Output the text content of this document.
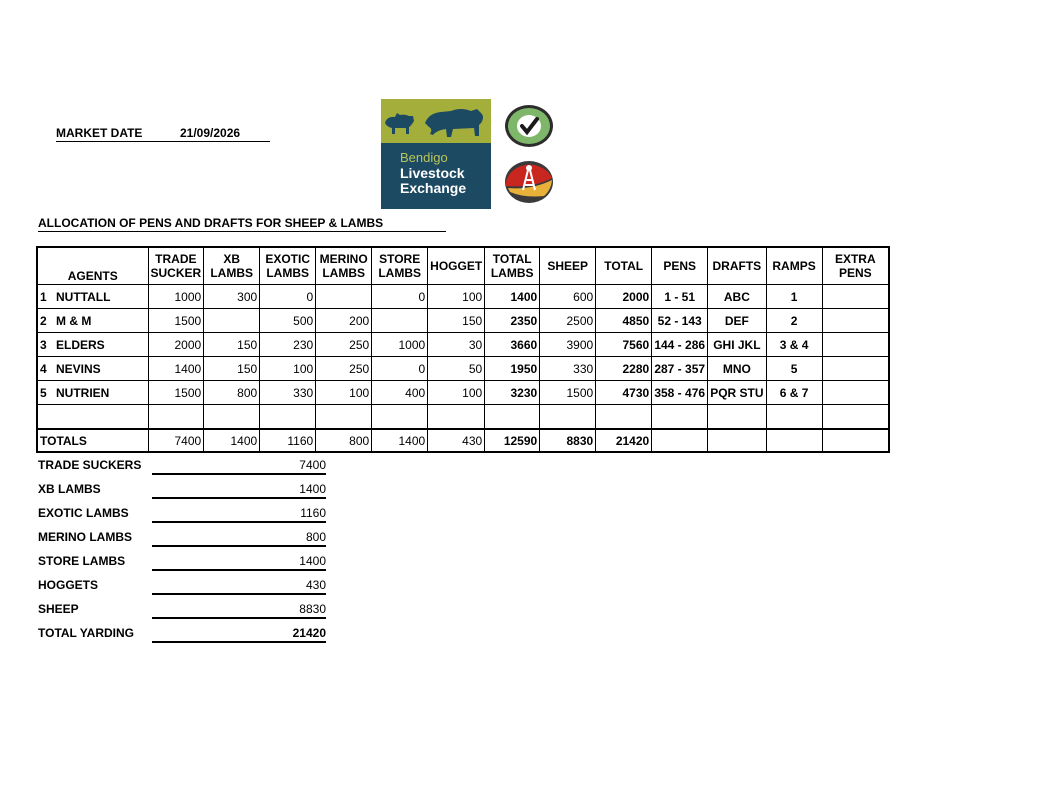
MARKET DATE	21/09/2026
Bendigo
Livestock
Exchange
ALLOCATION OF PENS AND DRAFTS FOR SHEEP & LAMBS
AGENTS	TRADE SUCKER	XB LAMBS	EXOTIC LAMBS	MERINO LAMBS	STORE LAMBS	HOGGET	TOTAL LAMBS	SHEEP	TOTAL	PENS	DRAFTS	RAMPS	EXTRA PENS

1 NUTTALL	1000	300	0		0	100	1400	600	2000	1 - 51	ABC	1	
2 M & M	1500		500	200		150	2350	2500	4850	52 - 143	DEF	2	
3 ELDERS	2000	150	230	250	1000	30	3660	3900	7560	144 - 286	GHI JKL	3 & 4	
4 NEVINS	1400	150	100	250	0	50	1950	330	2280	287 - 357	MNO	5	
5 NUTRIEN	1500	800	330	100	400	100	3230	1500	4730	358 - 476	PQR STU	6 & 7	

TOTALS	7400	1400	1160	800	1400	430	12590	8830	21420				
TRADE SUCKERS	7400
XB LAMBS	1400
EXOTIC LAMBS	1160
MERINO LAMBS	800
STORE LAMBS	1400
HOGGETS	430
SHEEP	8830
TOTAL YARDING	21420
